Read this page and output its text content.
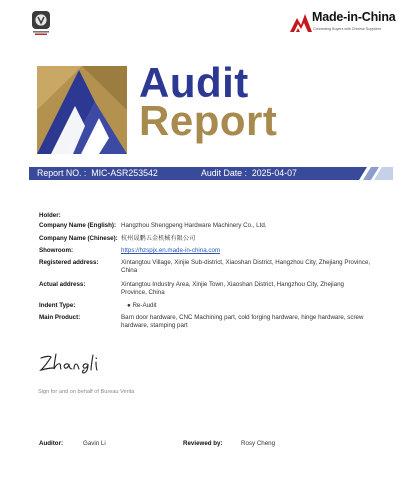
Made-in-China
Connecting Buyers with Chinese Suppliers
Audit
Report
Report NO. :  MIC-ASR253542	Audit Date :  2025-04-07
Holder:
Company Name (English): Hangzhou Shengpeng Hardware Machinery Co., Ltd.
Company Name (Chinese): 杭州晟鹏五金机械有限公司
Showroom:	https://hzspjx.en.made-in-china.com
Registered address:	Xintangtou Village, Xinjie Sub-district, Xiaoshan District, Hangzhou City, Zhejiang Province, China
Actual address:	Xintangtou Industry Area, Xinjie Town, Xiaoshan District, Hangzhou City, Zhejiang Province, China
Indent Type:	● Re-Audit
Main Product:	Barn door hardware, CNC Machining part, cold forging hardware, hinge hardware, screw hardware, stamping part
Sign for and on behalf of Bureau Verita
Auditor:	Gavin Li	Reviewed by:	Rosy Cheng
